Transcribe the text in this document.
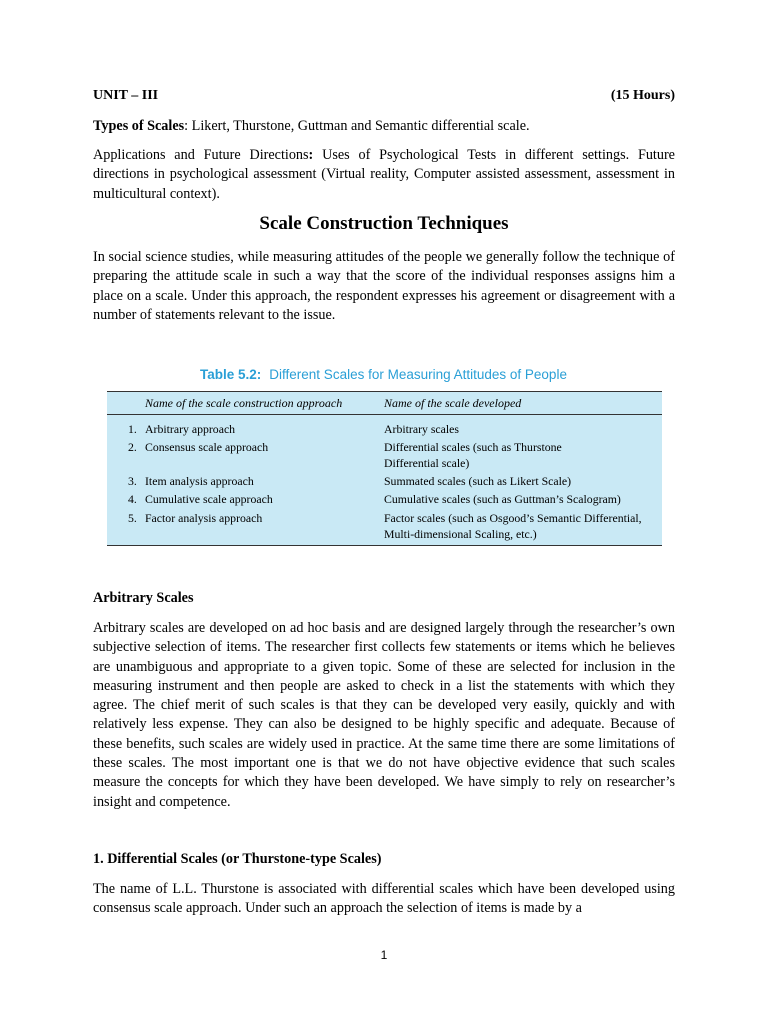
UNIT – III	(15 Hours)

Types of Scales: Likert, Thurstone, Guttman and Semantic differential scale.

Applications and Future Directions: Uses of Psychological Tests in different settings. Future directions in psychological assessment (Virtual reality, Computer assisted assessment, assessment in multicultural context).

Scale Construction Techniques

In social science studies, while measuring attitudes of the people we generally follow the technique of preparing the attitude scale in such a way that the score of the individual responses assigns him a place on a scale. Under this approach, the respondent expresses his agreement or disagreement with a number of statements relevant to the issue.

Arbitrary Scales

Arbitrary scales are developed on ad hoc basis and are designed largely through the researcher’s own subjective selection of items. The researcher first collects few statements or items which he believes are unambiguous and appropriate to a given topic. Some of these are selected for inclusion in the measuring instrument and then people are asked to check in a list the statements with which they agree. The chief merit of such scales is that they can be developed very easily, quickly and with relatively less expense. They can also be designed to be highly specific and adequate. Because of these benefits, such scales are widely used in practice. At the same time there are some limitations of these scales. The most important one is that we do not have objective evidence that such scales measure the concepts for which they have been developed. We have simply to rely on researcher’s insight and competence.

1. Differential Scales (or Thurstone-type Scales)

The name of L.L. Thurstone is associated with differential scales which have been developed using consensus scale approach. Under such an approach the selection of items is made by a

Table 5.2: Different Scales for Measuring Attitudes of People
Name of the scale construction approach	Name of the scale developed
1. Arbitrary approach	Arbitrary scales
2. Consensus scale approach	Differential scales (such as Thurstone Differential scale)
3. Item analysis approach	Summated scales (such as Likert Scale)
4. Cumulative scale approach	Cumulative scales (such as Guttman’s Scalogram)
5. Factor analysis approach	Factor scales (such as Osgood’s Semantic Differential, Multi-dimensional Scaling, etc.)
1
